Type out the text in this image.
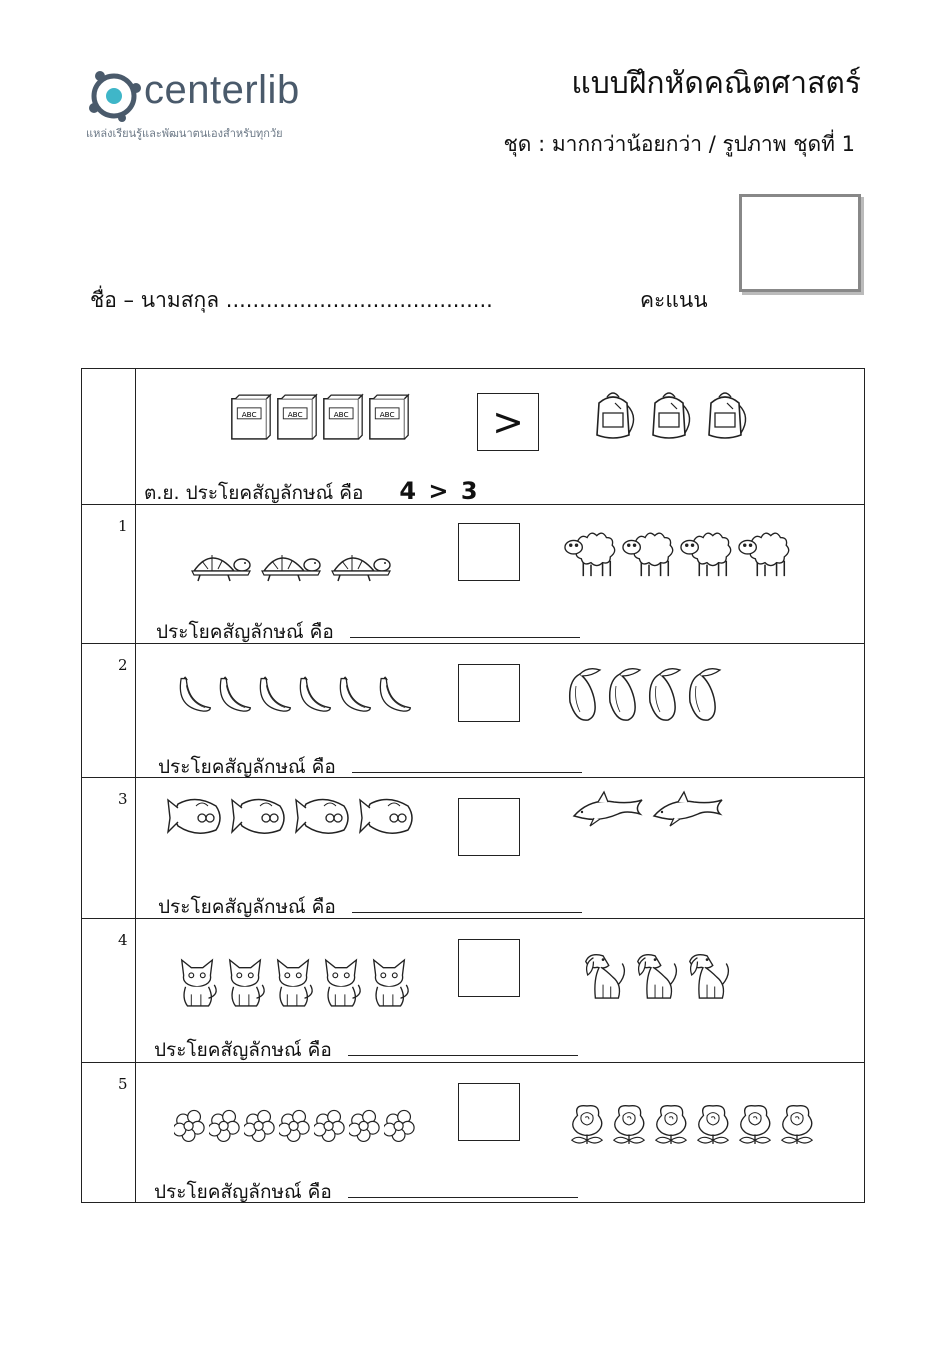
centerlib
แหล่งเรียนรู้และพัฒนาตนเองสำหรับทุกวัย
แบบฝึกหัดคณิตศาสตร์
ชุด : มากกว่าน้อยกว่า / รูปภาพ ชุดที่ 1
ชื่อ – นามสกุล ........................................	คะแนน

	>
ต.ย. ประโยคสัญลักษณ์ คือ 4 > 3

1	ประโยคสัญลักษณ์ คือ

2	ประโยคสัญลักษณ์ คือ

3	ประโยคสัญลักษณ์ คือ

4	ประโยคสัญลักษณ์ คือ

5	ประโยคสัญลักษณ์ คือ
